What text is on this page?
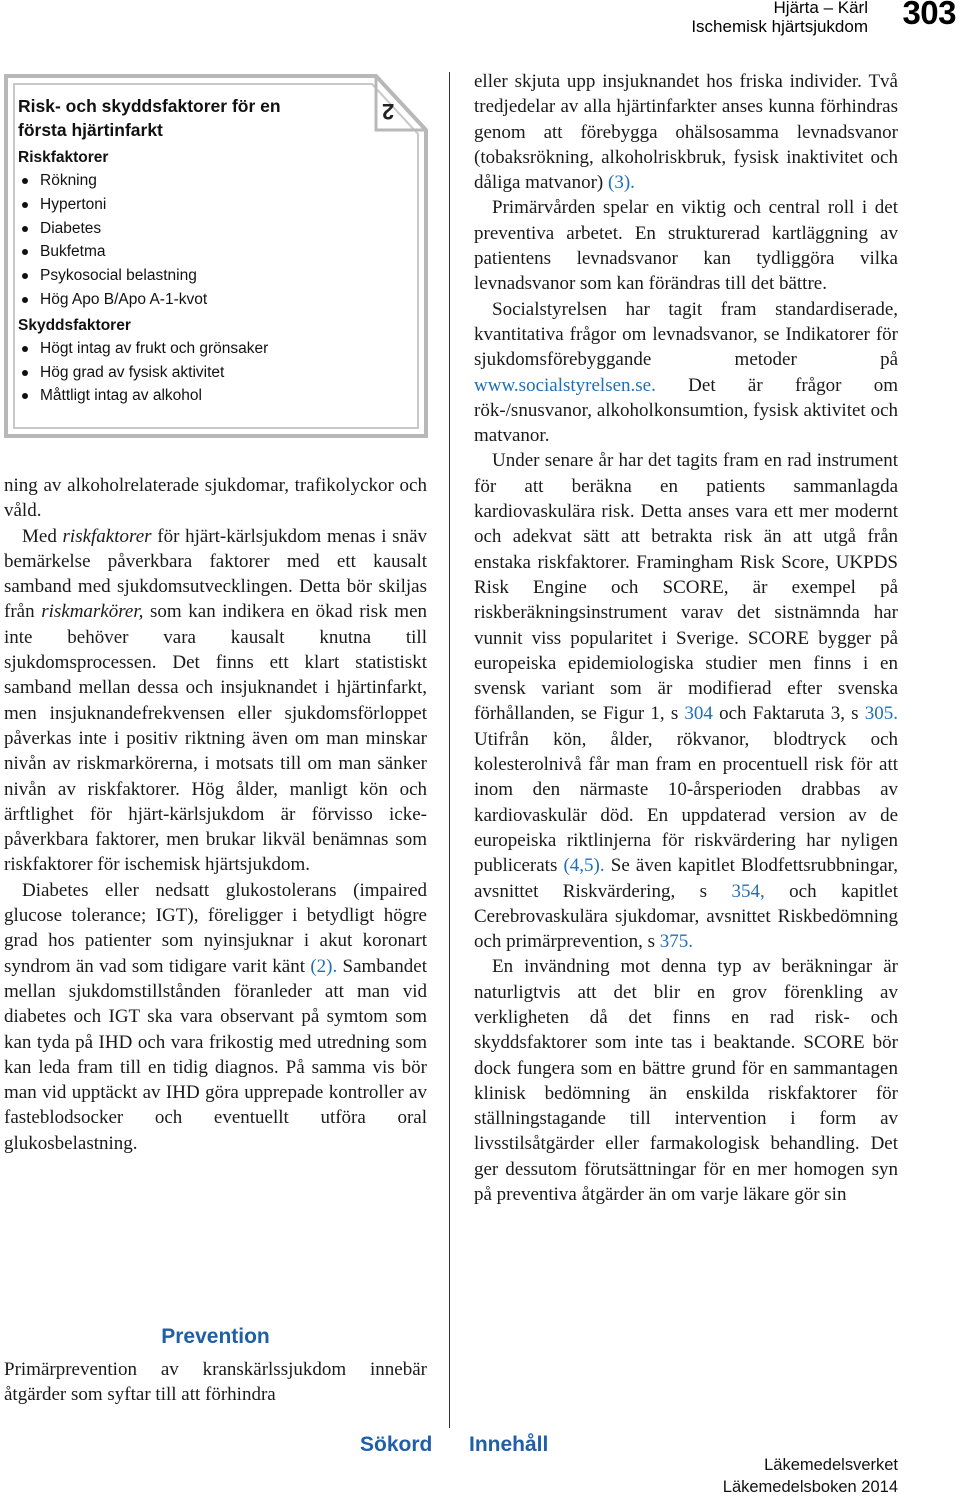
Hjärta – Kärl
Ischemisk hjärtsjukdom 303
2
Risk- och skyddsfaktorer för en
första hjärtinfarkt
Riskfaktorer
Rökning
Hypertoni
Diabetes
Bukfetma
Psykosocial belastning
Hög Apo B/Apo A-1-kvot
Skyddsfaktorer
Högt intag av frukt och grönsaker
Hög grad av fysisk aktivitet
Måttligt intag av alkohol

ning av alkoholrelaterade sjukdomar, trafikolyckor och våld.

Med riskfaktorer för hjärt-kärlsjukdom menas i snäv bemärkelse påverkbara faktorer med ett kausalt samband med sjukdomsutvecklingen. Detta bör skiljas från riskmarkörer, som kan indikera en ökad risk men inte behöver vara kausalt knutna till sjukdomsprocessen. Det finns ett klart statistiskt samband mellan dessa och insjuknandet i hjärtinfarkt, men insjuknandefrekvensen eller sjukdomsförloppet påverkas inte i positiv riktning även om man minskar nivån av riskmarkörerna, i motsats till om man sänker nivån av riskfaktorer. Hög ålder, manligt kön och ärftlighet för hjärt-kärlsjukdom är förvisso icke-påverkbara faktorer, men brukar likväl benämnas som riskfaktorer för ischemisk hjärtsjukdom.

Diabetes eller nedsatt glukostolerans (impaired glucose tolerance; IGT), föreligger i betydligt högre grad hos patienter som nyinsjuknar i akut koronart syndrom än vad som tidigare varit känt (2). Sambandet mellan sjukdomstillstånden föranleder att man vid diabetes och IGT ska vara observant på symtom som kan tyda på IHD och vara frikostig med utredning som kan leda fram till en tidig diagnos. På samma vis bör man vid upptäckt av IHD göra upprepade kontroller av fasteblodsocker och eventuellt utföra oral glukosbelastning.

Prevention

Primärprevention av kranskärlssjukdom innebär åtgärder som syftar till att förhindra

eller skjuta upp insjuknandet hos friska individer. Två tredjedelar av alla hjärtinfarkter anses kunna förhindras genom att förebygga ohälsosamma levnadsvanor (tobaksrökning, alkoholriskbruk, fysisk inaktivitet och dåliga matvanor) (3).

Primärvården spelar en viktig och central roll i det preventiva arbetet. En strukturerad kartläggning av patientens levnadsvanor kan tydliggöra vilka levnadsvanor som kan förändras till det bättre.

Socialstyrelsen har tagit fram standardiserade, kvantitativa frågor om levnadsvanor, se Indikatorer för sjukdomsförebyggande metoder på www.socialstyrelsen.se. Det är frågor om rök-/snusvanor, alkoholkonsumtion, fysisk aktivitet och matvanor.

Under senare år har det tagits fram en rad instrument för att beräkna en patients sammanlagda kardiovaskulära risk. Detta anses vara ett mer modernt och adekvat sätt att betrakta risk än att utgå från enstaka riskfaktorer. Framingham Risk Score, UKPDS Risk Engine och SCORE, är exempel på riskberäkningsinstrument varav det sistnämnda har vunnit viss popularitet i Sverige. SCORE bygger på europeiska epidemiologiska studier men finns i en svensk variant som är modifierad efter svenska förhållanden, se Figur 1, s 304 och Faktaruta 3, s 305. Utifrån kön, ålder, rökvanor, blodtryck och kolesterolnivå får man fram en procentuell risk för att inom den närmaste 10-årsperioden drabbas av kardiovaskulär död. En uppdaterad version av de europeiska riktlinjerna för riskvärdering har nyligen publicerats (4,5). Se även kapitlet Blodfettsrubbningar, avsnittet Riskvärdering, s 354, och kapitlet Cerebrovaskulära sjukdomar, avsnittet Riskbedömning och primärprevention, s 375.

En invändning mot denna typ av beräkningar är naturligtvis att det blir en grov förenkling av verkligheten då det finns en rad risk- och skyddsfaktorer som inte tas i beaktande. SCORE bör dock fungera som en bättre grund för en sammantagen klinisk bedömning än enskilda riskfaktorer för ställningstagande till intervention i form av livsstilsåtgärder eller farmakologisk behandling. Det ger dessutom förutsättningar för en mer homogen syn på preventiva åtgärder än om varje läkare gör sin

Sökord Innehåll
Läkemedelsverket
Läkemedelsboken 2014
